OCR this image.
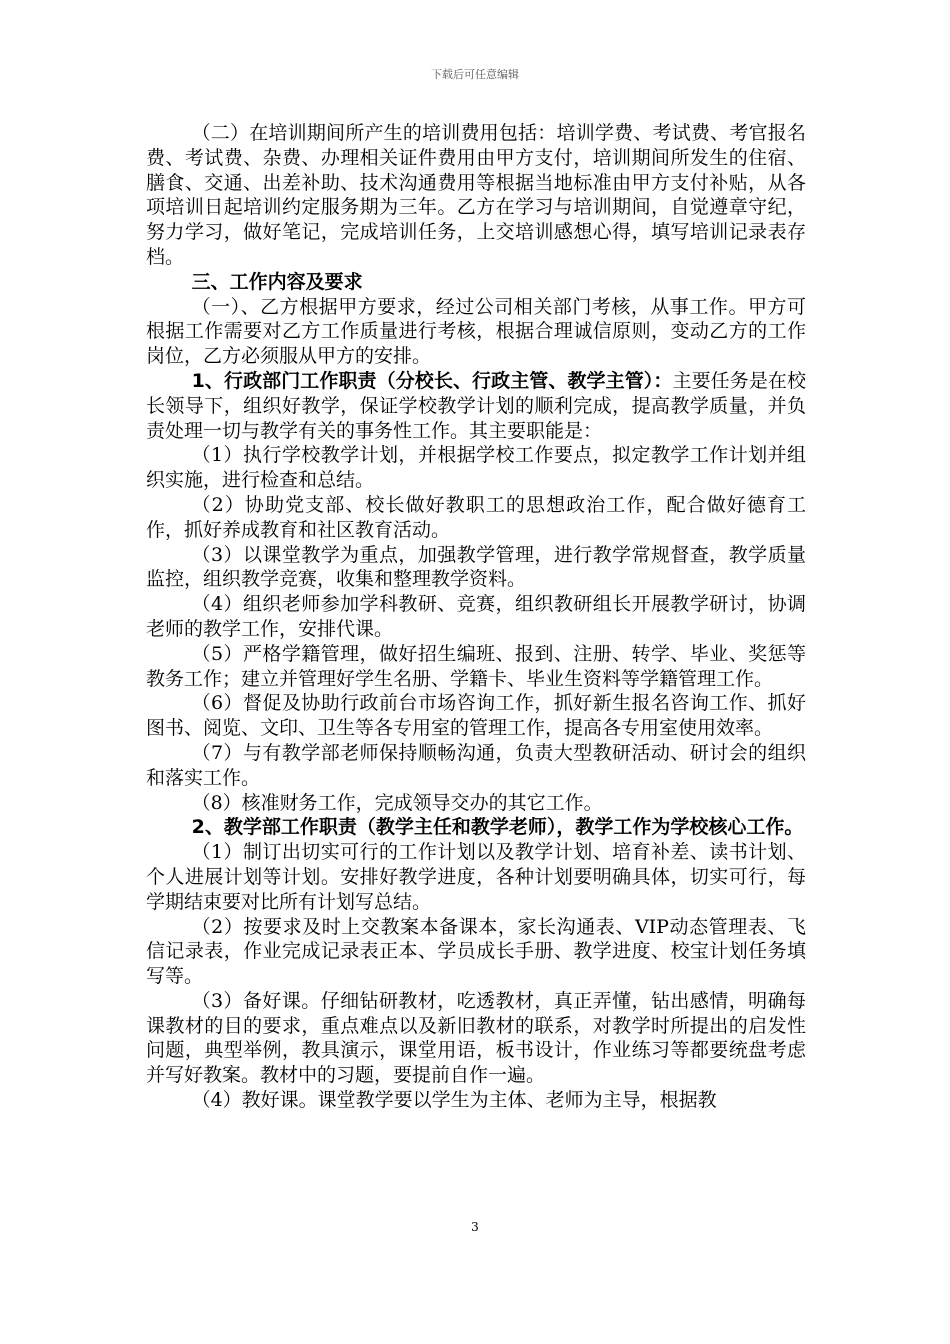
下载后可任意编辑

（二）在培训期间所产生的培训费用包括：培训学费、考试费、考官报名费、考试费、杂费、办理相关证件费用由甲方支付，培训期间所发生的住宿、膳食、交通、出差补助、技术沟通费用等根据当地标准由甲方支付补贴，从各项培训日起培训约定服务期为三年。乙方在学习与培训期间，自觉遵章守纪，努力学习，做好笔记，完成培训任务，上交培训感想心得，填写培训记录表存档。

三、工作内容及要求

（一）、乙方根据甲方要求，经过公司相关部门考核，从事工作。甲方可根据工作需要对乙方工作质量进行考核，根据合理诚信原则，变动乙方的工作岗位，乙方必须服从甲方的安排。

1、行政部门工作职责（分校长、行政主管、教学主管）：主要任务是在校长领导下，组织好教学，保证学校教学计划的顺利完成，提高教学质量，并负责处理一切与教学有关的事务性工作。其主要职能是：

（1）执行学校教学计划，并根据学校工作要点，拟定教学工作计划并组织实施，进行检查和总结。

（2）协助党支部、校长做好教职工的思想政治工作，配合做好德育工作，抓好养成教育和社区教育活动。

（3）以课堂教学为重点，加强教学管理，进行教学常规督查，教学质量监控，组织教学竞赛，收集和整理教学资料。

（4）组织老师参加学科教研、竞赛，组织教研组长开展教学研讨，协调老师的教学工作，安排代课。

（5）严格学籍管理，做好招生编班、报到、注册、转学、毕业、奖惩等教务工作；建立并管理好学生名册、学籍卡、毕业生资料等学籍管理工作。

（6）督促及协助行政前台市场咨询工作，抓好新生报名咨询工作、抓好图书、阅览、文印、卫生等各专用室的管理工作，提高各专用室使用效率。

（7）与有教学部老师保持顺畅沟通，负责大型教研活动、研讨会的组织和落实工作。

（8）核准财务工作，完成领导交办的其它工作。

2、教学部工作职责（教学主任和教学老师），教学工作为学校核心工作。

（1）制订出切实可行的工作计划以及教学计划、培育补差、读书计划、个人进展计划等计划。安排好教学进度，各种计划要明确具体，切实可行，每学期结束要对比所有计划写总结。

（2）按要求及时上交教案本备课本，家长沟通表、VIP动态管理表、飞信记录表，作业完成记录表正本、学员成长手册、教学进度、校宝计划任务填写等。

（3）备好课。仔细钻研教材，吃透教材，真正弄懂，钻出感情，明确每课教材的目的要求，重点难点以及新旧教材的联系，对教学时所提出的启发性问题，典型举例，教具演示，课堂用语，板书设计，作业练习等都要统盘考虑并写好教案。教材中的习题，要提前自作一遍。

（4）教好课。课堂教学要以学生为主体、老师为主导，根据教

3
